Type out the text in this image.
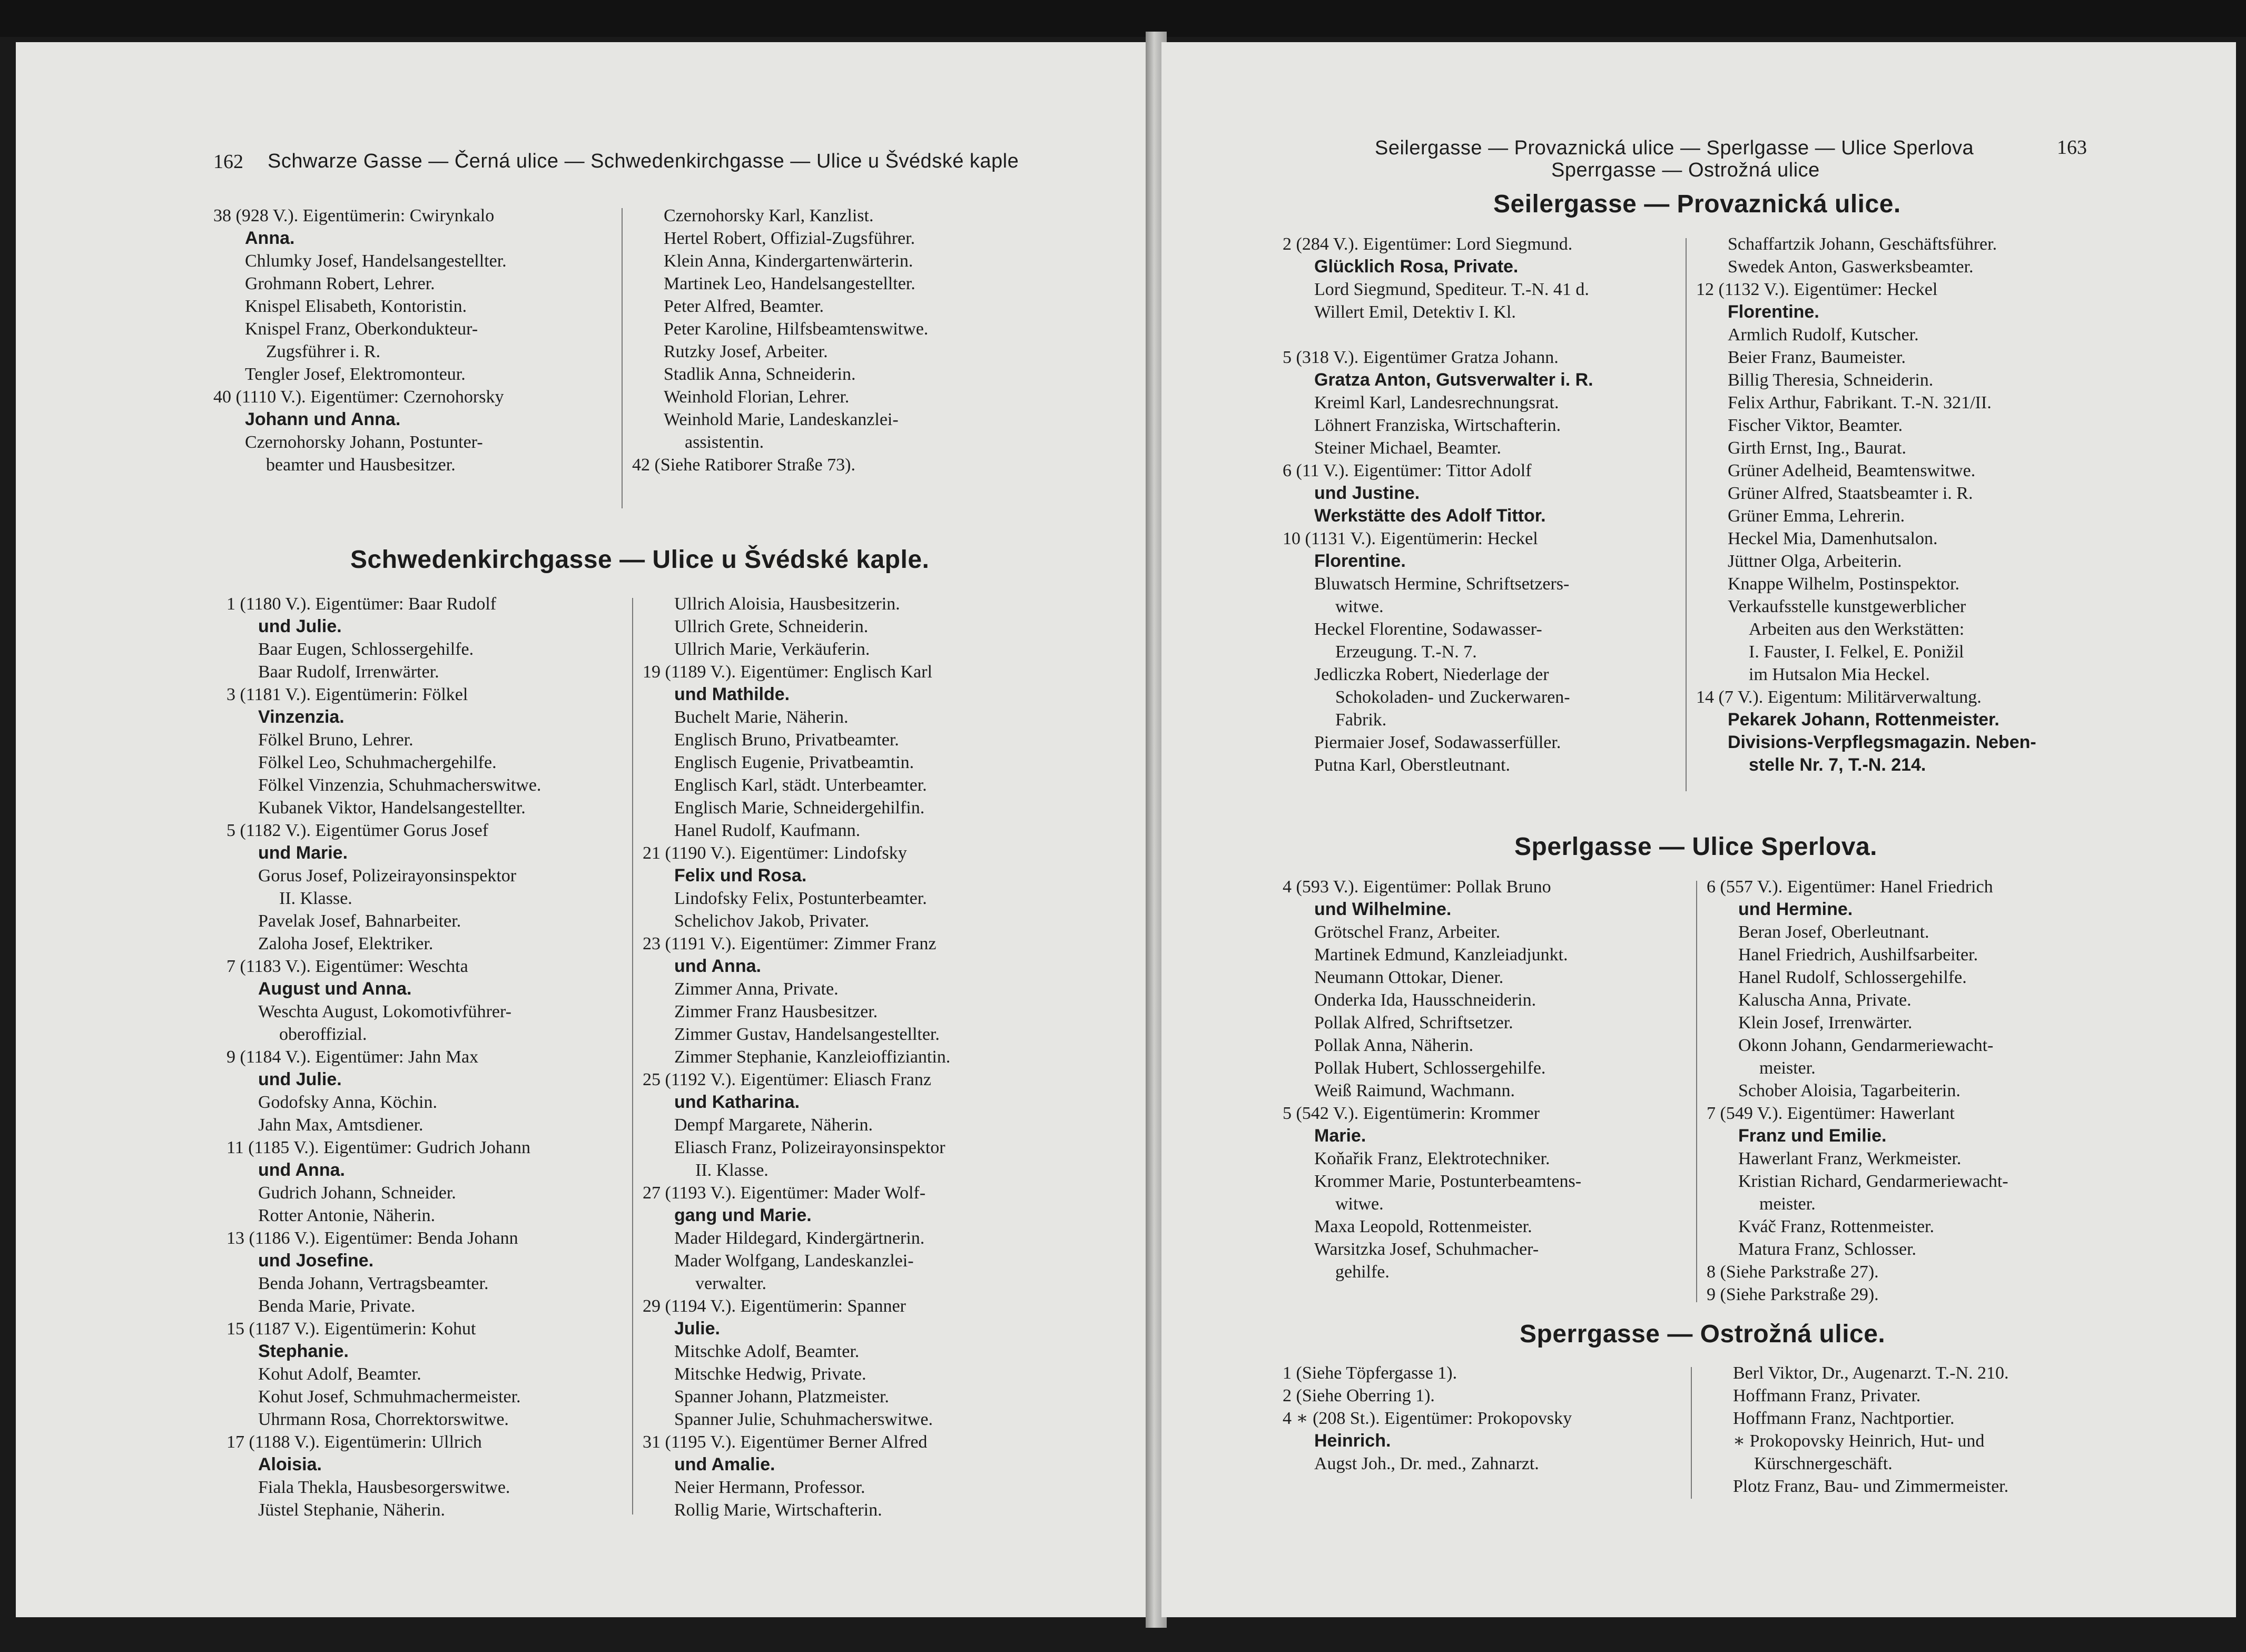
162 Schwarze Gasse — Černá ulice — Schwedenkirchgasse — Ulice u Švédské kaple
38 (928 V.). Eigentümerin: Cwirynkalo
Anna.
Chlumky Josef, Handelsangestellter.
Grohmann Robert, Lehrer.
Knispel Elisabeth, Kontoristin.
Knispel Franz, Oberkondukteur-
Zugsführer i. R.
Tengler Josef, Elektromonteur.
40 (1110 V.). Eigentümer: Czernohorsky
Johann und Anna.
Czernohorsky Johann, Postunter-
beamter und Hausbesitzer.
Czernohorsky Karl, Kanzlist.
Hertel Robert, Offizial-Zugsführer.
Klein Anna, Kindergartenwärterin.
Martinek Leo, Handelsangestellter.
Peter Alfred, Beamter.
Peter Karoline, Hilfsbeamtenswitwe.
Rutzky Josef, Arbeiter.
Stadlik Anna, Schneiderin.
Weinhold Florian, Lehrer.
Weinhold Marie, Landeskanzlei-
assistentin.
42 (Siehe Ratiborer Straße 73).
Schwedenkirchgasse — Ulice u Švédské kaple.
1 (1180 V.). Eigentümer: Baar Rudolf
und Julie.
Baar Eugen, Schlossergehilfe.
Baar Rudolf, Irrenwärter.
3 (1181 V.). Eigentümerin: Fölkel
Vinzenzia.
Fölkel Bruno, Lehrer.
Fölkel Leo, Schuhmachergehilfe.
Fölkel Vinzenzia, Schuhmacherswitwe.
Kubanek Viktor, Handelsangestellter.
5 (1182 V.). Eigentümer Gorus Josef
und Marie.
Gorus Josef, Polizeirayonsinspektor
II. Klasse.
Pavelak Josef, Bahnarbeiter.
Zaloha Josef, Elektriker.
7 (1183 V.). Eigentümer: Weschta
August und Anna.
Weschta August, Lokomotivführer-
oberoffizial.
9 (1184 V.). Eigentümer: Jahn Max
und Julie.
Godofsky Anna, Köchin.
Jahn Max, Amtsdiener.
11 (1185 V.). Eigentümer: Gudrich Johann
und Anna.
Gudrich Johann, Schneider.
Rotter Antonie, Näherin.
13 (1186 V.). Eigentümer: Benda Johann
und Josefine.
Benda Johann, Vertragsbeamter.
Benda Marie, Private.
15 (1187 V.). Eigentümerin: Kohut
Stephanie.
Kohut Adolf, Beamter.
Kohut Josef, Schmuhmachermeister.
Uhrmann Rosa, Chorrektorswitwe.
17 (1188 V.). Eigentümerin: Ullrich
Aloisia.
Fiala Thekla, Hausbesorgerswitwe.
Jüstel Stephanie, Näherin.
Ullrich Aloisia, Hausbesitzerin.
Ullrich Grete, Schneiderin.
Ullrich Marie, Verkäuferin.
19 (1189 V.). Eigentümer: Englisch Karl
und Mathilde.
Buchelt Marie, Näherin.
Englisch Bruno, Privatbeamter.
Englisch Eugenie, Privatbeamtin.
Englisch Karl, städt. Unterbeamter.
Englisch Marie, Schneidergehilfin.
Hanel Rudolf, Kaufmann.
21 (1190 V.). Eigentümer: Lindofsky
Felix und Rosa.
Lindofsky Felix, Postunterbeamter.
Schelichov Jakob, Privater.
23 (1191 V.). Eigentümer: Zimmer Franz
und Anna.
Zimmer Anna, Private.
Zimmer Franz Hausbesitzer.
Zimmer Gustav, Handelsangestellter.
Zimmer Stephanie, Kanzleioffiziantin.
25 (1192 V.). Eigentümer: Eliasch Franz
und Katharina.
Dempf Margarete, Näherin.
Eliasch Franz, Polizeirayonsinspektor
II. Klasse.
27 (1193 V.). Eigentümer: Mader Wolf-
gang und Marie.
Mader Hildegard, Kindergärtnerin.
Mader Wolfgang, Landeskanzlei-
verwalter.
29 (1194 V.). Eigentümerin: Spanner
Julie.
Mitschke Adolf, Beamter.
Mitschke Hedwig, Private.
Spanner Johann, Platzmeister.
Spanner Julie, Schuhmacherswitwe.
31 (1195 V.). Eigentümer Berner Alfred
und Amalie.
Neier Hermann, Professor.
Rollig Marie, Wirtschafterin.
Seilergasse — Provaznická ulice — Sperlgasse — Ulice Sperlova
Sperrgasse — Ostrožná ulice
163
Seilergasse — Provaznická ulice.
2 (284 V.). Eigentümer: Lord Siegmund.
Glücklich Rosa, Private.
Lord Siegmund, Spediteur. T.-N. 41 d.
Willert Emil, Detektiv I. Kl.
5 (318 V.). Eigentümer Gratza Johann.
Gratza Anton, Gutsverwalter i. R.
Kreiml Karl, Landesrechnungsrat.
Löhnert Franziska, Wirtschafterin.
Steiner Michael, Beamter.
6 (11 V.). Eigentümer: Tittor Adolf
und Justine.
Werkstätte des Adolf Tittor.
10 (1131 V.). Eigentümerin: Heckel
Florentine.
Bluwatsch Hermine, Schriftsetzers-
witwe.
Heckel Florentine, Sodawasser-
Erzeugung. T.-N. 7.
Jedliczka Robert, Niederlage der
Schokoladen- und Zuckerwaren-
Fabrik.
Piermaier Josef, Sodawasserfüller.
Putna Karl, Oberstleutnant.
Schaffartzik Johann, Geschäftsführer.
Swedek Anton, Gaswerksbeamter.
12 (1132 V.). Eigentümer: Heckel
Florentine.
Armlich Rudolf, Kutscher.
Beier Franz, Baumeister.
Billig Theresia, Schneiderin.
Felix Arthur, Fabrikant. T.-N. 321/II.
Fischer Viktor, Beamter.
Girth Ernst, Ing., Baurat.
Grüner Adelheid, Beamtenswitwe.
Grüner Alfred, Staatsbeamter i. R.
Grüner Emma, Lehrerin.
Heckel Mia, Damenhutsalon.
Jüttner Olga, Arbeiterin.
Knappe Wilhelm, Postinspektor.
Verkaufsstelle kunstgewerblicher
Arbeiten aus den Werkstätten:
I. Fauster, I. Felkel, E. Ponižil
im Hutsalon Mia Heckel.
14 (7 V.). Eigentum: Militärverwaltung.
Pekarek Johann, Rottenmeister.
Divisions-Verpflegsmagazin. Neben-
stelle Nr. 7, T.-N. 214.
Sperlgasse — Ulice Sperlova.
4 (593 V.). Eigentümer: Pollak Bruno
und Wilhelmine.
Grötschel Franz, Arbeiter.
Martinek Edmund, Kanzleiadjunkt.
Neumann Ottokar, Diener.
Onderka Ida, Hausschneiderin.
Pollak Alfred, Schriftsetzer.
Pollak Anna, Näherin.
Pollak Hubert, Schlossergehilfe.
Weiß Raimund, Wachmann.
5 (542 V.). Eigentümerin: Krommer
Marie.
Koňařik Franz, Elektrotechniker.
Krommer Marie, Postunterbeamtens-
witwe.
Maxa Leopold, Rottenmeister.
Warsitzka Josef, Schuhmacher-
gehilfe.
6 (557 V.). Eigentümer: Hanel Friedrich
und Hermine.
Beran Josef, Oberleutnant.
Hanel Friedrich, Aushilfsarbeiter.
Hanel Rudolf, Schlossergehilfe.
Kaluscha Anna, Private.
Klein Josef, Irrenwärter.
Okonn Johann, Gendarmeriewacht-
meister.
Schober Aloisia, Tagarbeiterin.
7 (549 V.). Eigentümer: Hawerlant
Franz und Emilie.
Hawerlant Franz, Werkmeister.
Kristian Richard, Gendarmeriewacht-
meister.
Kváč Franz, Rottenmeister.
Matura Franz, Schlosser.
8 (Siehe Parkstraße 27).
9 (Siehe Parkstraße 29).
Sperrgasse — Ostrožná ulice.
1 (Siehe Töpfergasse 1).
2 (Siehe Oberring 1).
4 ∗ (208 St.). Eigentümer: Prokopovsky
Heinrich.
Augst Joh., Dr. med., Zahnarzt.
Berl Viktor, Dr., Augenarzt. T.-N. 210.
Hoffmann Franz, Privater.
Hoffmann Franz, Nachtportier.
∗ Prokopovsky Heinrich, Hut- und
Kürschnergeschäft.
Plotz Franz, Bau- und Zimmermeister.
